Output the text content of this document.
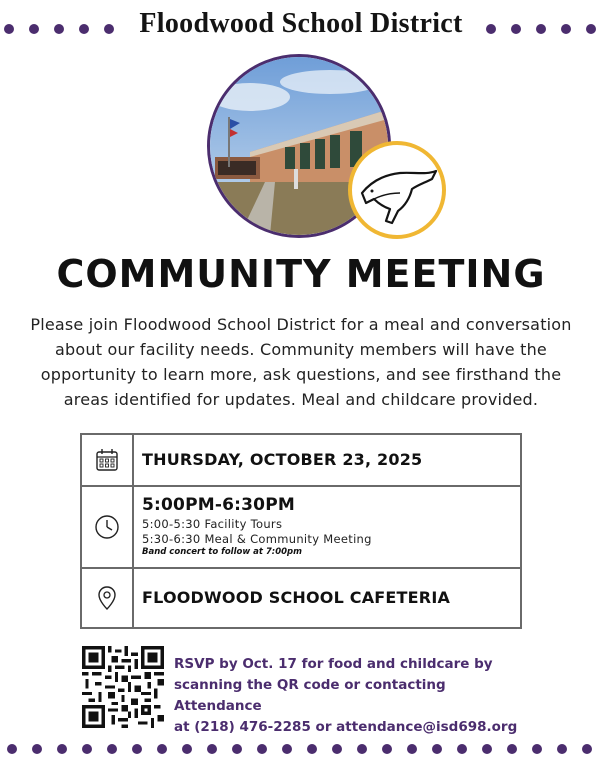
Floodwood School District
COMMUNITY MEETING
Please join Floodwood School District for a meal and conversation
about our facility needs. Community members will have the
opportunity to learn more, ask questions, and see firsthand the
areas identified for updates. Meal and childcare provided.
THURSDAY, OCTOBER 23, 2025
5:00PM-6:30PM
5:00-5:30 Facility Tours
5:30-6:30 Meal & Community Meeting
Band concert to follow at 7:00pm
FLOODWOOD SCHOOL CAFETERIA
RSVP by Oct. 17 for food and childcare by
scanning the QR code or contacting Attendance
at (218) 476-2285 or attendance@isd698.org
